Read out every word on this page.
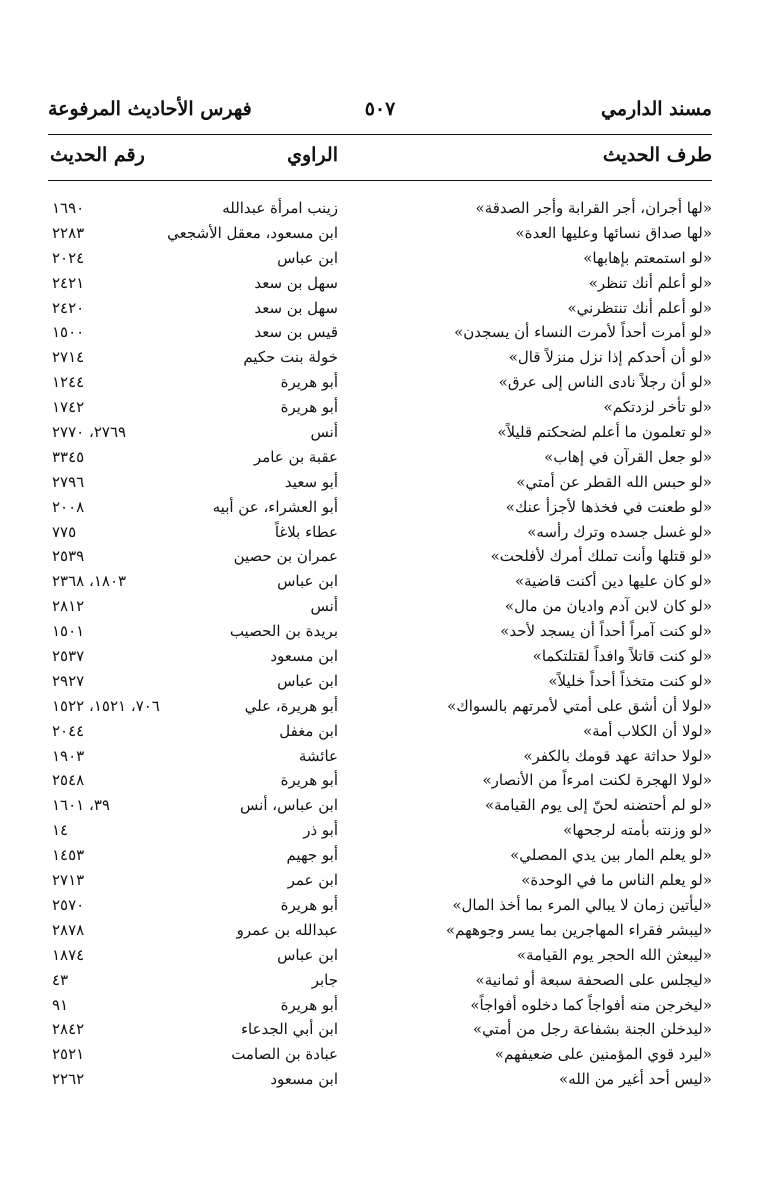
مسند الدارمي
٥٠٧
فهرس الأحاديث المرفوعة
طرف الحديث
الراوي
رقم الحديث
«لها أجران، أجر القرابة وأجر الصدقة»
زينب امرأة عبدالله
١٦٩٠
«لها صداق نسائها وعليها العدة»
ابن مسعود، معقل الأشجعي
٢٢٨٣
«لو استمعتم بإهابها»
ابن عباس
٢٠٢٤
«لو أعلم أنك تنظر»
سهل بن سعد
٢٤٢١
«لو أعلم أنك تنتظرني»
سهل بن سعد
٢٤٢٠
«لو أمرت أحداً لأمرت النساء أن يسجدن»
قيس بن سعد
١٥٠٠
«لو أن أحدكم إذا نزل منزلاً قال»
خولة بنت حكيم
٢٧١٤
«لو أن رجلاً نادى الناس إلى عرق»
أبو هريرة
١٢٤٤
«لو تأخر لزدتكم»
أبو هريرة
١٧٤٢
«لو تعلمون ما أعلم لضحكتم قليلاً»
أنس
٢٧٦٩، ٢٧٧٠
«لو جعل القرآن في إهاب»
عقبة بن عامر
٣٣٤٥
«لو حبس الله القطر عن أمتي»
أبو سعيد
٢٧٩٦
«لو طعنت في فخذها لأجزأ عنك»
أبو العشراء، عن أبيه
٢٠٠٨
«لو غسل جسده وترك رأسه»
عطاء بلاغاً
٧٧٥
«لو قتلها وأنت تملك أمرك لأفلحت»
عمران بن حصين
٢٥٣٩
«لو كان عليها دين أكنت قاضية»
ابن عباس
١٨٠٣، ٢٣٦٨
«لو كان لابن آدم واديان من مال»
أنس
٢٨١٢
«لو كنت آمراً أحداً أن يسجد لأحد»
بريدة بن الحصيب
١٥٠١
«لو كنت قاتلاً وافداً لقتلتكما»
ابن مسعود
٢٥٣٧
«لو كنت متخذاً أحداً خليلاً»
ابن عباس
٢٩٢٧
«لولا أن أشق على أمتي لأمرتهم بالسواك»
أبو هريرة، علي
٧٠٦، ١٥٢١، ١٥٢٢
«لولا أن الكلاب أمة»
ابن مغفل
٢٠٤٤
«لولا حداثة عهد قومك بالكفر»
عائشة
١٩٠٣
«لولا الهجرة لكنت امرءاً من الأنصار»
أبو هريرة
٢٥٤٨
«لو لم أحتضنه لحنّ إلى يوم القيامة»
ابن عباس، أنس
٣٩، ١٦٠١
«لو وزنته بأمته لرجحها»
أبو ذر
١٤
«لو يعلم المار بين يدي المصلي»
أبو جهيم
١٤٥٣
«لو يعلم الناس ما في الوحدة»
ابن عمر
٢٧١٣
«ليأتين زمان لا يبالي المرء بما أخذ المال»
أبو هريرة
٢٥٧٠
«ليبشر فقراء المهاجرين بما يسر وجوههم»
عبدالله بن عمرو
٢٨٧٨
«ليبعثن الله الحجر يوم القيامة»
ابن عباس
١٨٧٤
«ليجلس على الصحفة سبعة أو ثمانية»
جابر
٤٣
«ليخرجن منه أفواجاً كما دخلوه أفواجاً»
أبو هريرة
٩١
«ليدخلن الجنة بشفاعة رجل من أمتي»
ابن أبي الجدعاء
٢٨٤٢
«ليرد قوي المؤمنين على ضعيفهم»
عبادة بن الصامت
٢٥٢١
«ليس أحد أغير من الله»
ابن مسعود
٢٢٦٢
